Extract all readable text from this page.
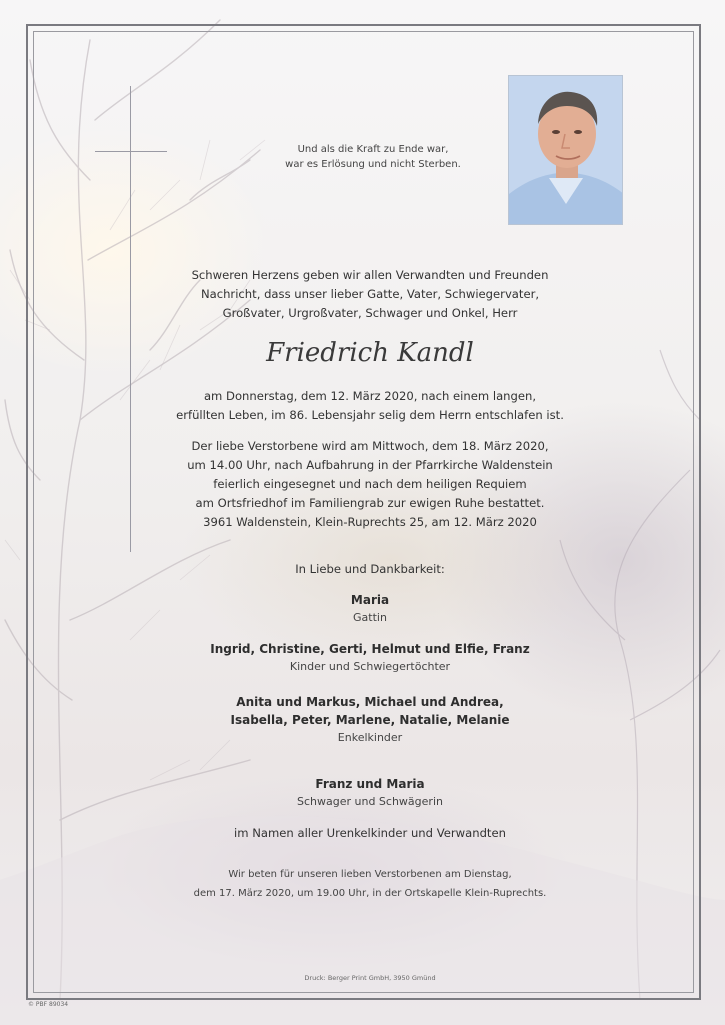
Und als die Kraft zu Ende war,
war es Erlösung und nicht Sterben.
Schweren Herzens geben wir allen Verwandten und Freunden
Nachricht, dass unser lieber Gatte, Vater, Schwiegervater,
Großvater, Urgroßvater, Schwager und Onkel, Herr
Friedrich Kandl
am Donnerstag, dem 12. März 2020, nach einem langen,
erfüllten Leben, im 86. Lebensjahr selig dem Herrn entschlafen ist.
Der liebe Verstorbene wird am Mittwoch, dem 18. März 2020,
um 14.00 Uhr, nach Aufbahrung in der Pfarrkirche Waldenstein
feierlich eingesegnet und nach dem heiligen Requiem
am Ortsfriedhof im Familiengrab zur ewigen Ruhe bestattet.
3961 Waldenstein, Klein-Ruprechts 25, am 12. März 2020
In Liebe und Dankbarkeit:
Maria
Gattin
Ingrid, Christine, Gerti, Helmut und Elfie, Franz
Kinder und Schwiegertöchter
Anita und Markus, Michael und Andrea,
Isabella, Peter, Marlene, Natalie, Melanie
Enkelkinder
Franz und Maria
Schwager und Schwägerin
im Namen aller Urenkelkinder und Verwandten
Wir beten für unseren lieben Verstorbenen am Dienstag,
dem 17. März 2020, um 19.00 Uhr, in der Ortskapelle Klein-Ruprechts.
Druck: Berger Print GmbH, 3950 Gmünd
© PBF 89034
